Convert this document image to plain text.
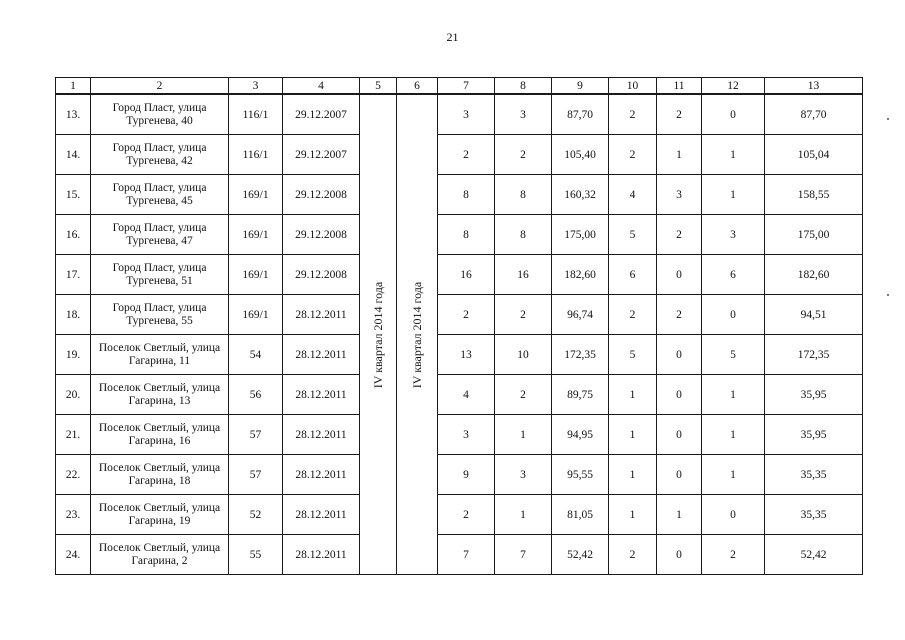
21
1	2	3	4	5	6	7	8	9	10	11	12	13
13.	Город Пласт, улица
Тургенева, 40	116/1	29.12.2007	IV квартал 2014 года	IV квартал 2014 года	3	3	87,70	2	2	0	87,70
14.	Город Пласт, улица
Тургенева, 42	116/1	29.12.2007			2	2	105,40	2	1	1	105,04
15.	Город Пласт, улица
Тургенева, 45	169/1	29.12.2008			8	8	160,32	4	3	1	158,55
16.	Город Пласт, улица
Тургенева, 47	169/1	29.12.2008			8	8	175,00	5	2	3	175,00
17.	Город Пласт, улица
Тургенева, 51	169/1	29.12.2008			16	16	182,60	6	0	6	182,60
18.	Город Пласт, улица
Тургенева, 55	169/1	28.12.2011			2	2	96,74	2	2	0	94,51
19.	Поселок Светлый, улица
Гагарина, 11	54	28.12.2011			13	10	172,35	5	0	5	172,35
20.	Поселок Светлый, улица
Гагарина, 13	56	28.12.2011			4	2	89,75	1	0	1	35,95
21.	Поселок Светлый, улица
Гагарина, 16	57	28.12.2011			3	1	94,95	1	0	1	35,95
22.	Поселок Светлый, улица
Гагарина, 18	57	28.12.2011			9	3	95,55	1	0	1	35,35
23.	Поселок Светлый, улица
Гагарина, 19	52	28.12.2011			2	1	81,05	1	1	0	35,35
24.	Поселок Светлый, улица
Гагарина, 2	55	28.12.2011			7	7	52,42	2	0	2	52,42
